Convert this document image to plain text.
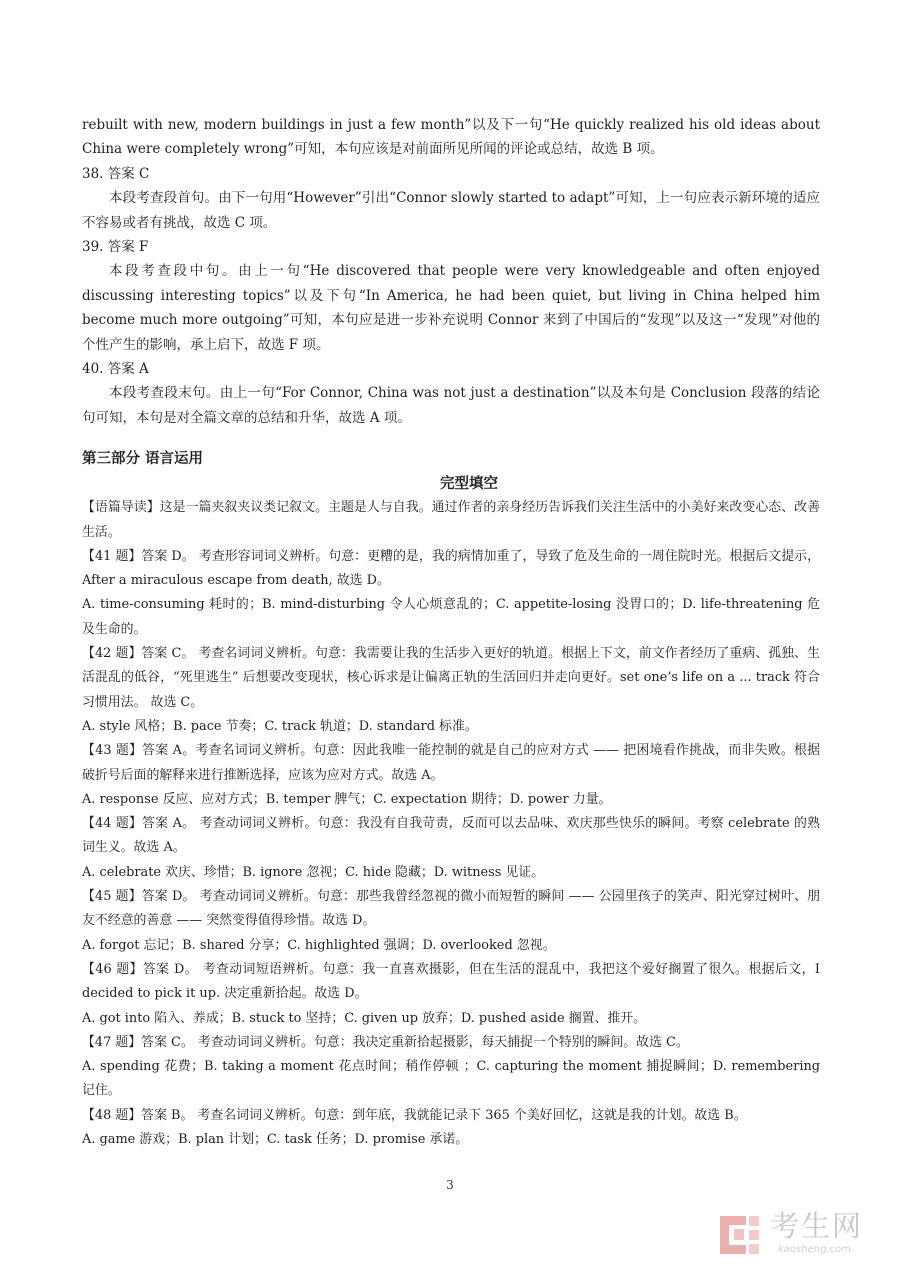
rebuilt with new, modern buildings in just a few month”以及下一句“He quickly realized his old ideas about China were completely wrong”可知，本句应该是对前面所见所闻的评论或总结，故选 B 项。

38. 答案 C

本段考查段首句。由下一句用“However”引出“Connor slowly started to adapt”可知，上一句应表示新环境的适应不容易或者有挑战，故选 C 项。

39. 答案 F

本段考查段中句。由上一句“He discovered that people were very knowledgeable and often enjoyed discussing interesting topics”以及下句“In America, he had been quiet, but living in China helped him become much more outgoing”可知，本句应是进一步补充说明 Connor 来到了中国后的“发现”以及这一“发现”对他的个性产生的影响，承上启下，故选 F 项。

40. 答案 A

本段考查段末句。由上一句“For Connor, China was not just a destination”以及本句是 Conclusion 段落的结论句可知，本句是对全篇文章的总结和升华，故选 A 项。

第三部分 语言运用

完型填空

【语篇导读】这是一篇夹叙夹议类记叙文。主题是人与自我。通过作者的亲身经历告诉我们关注生活中的小美好来改变心态、改善生活。

【41 题】答案 D。 考查形容词词义辨析。句意：更糟的是，我的病情加重了，导致了危及生命的一周住院时光。根据后文提示，After a miraculous escape from death, 故选 D。

A. time-consuming 耗时的；B. mind-disturbing 令人心烦意乱的；C. appetite-losing 没胃口的；D. life-threatening 危及生命的。

【42 题】答案 C。 考查名词词义辨析。句意：我需要让我的生活步入更好的轨道。根据上下文，前文作者经历了重病、孤独、生活混乱的低谷，“死里逃生” 后想要改变现状，核心诉求是让偏离正轨的生活回归并走向更好。set one’s life on a ... track 符合习惯用法。 故选 C。

A. style 风格；B. pace 节奏；C. track 轨道；D. standard 标准。

【43 题】答案 A。考查名词词义辨析。句意：因此我唯一能控制的就是自己的应对方式 —— 把困境看作挑战，而非失败。根据破折号后面的解释来进行推断选择，应该为应对方式。故选 A。

A. response 反应、应对方式；B. temper 脾气；C. expectation 期待；D. power 力量。

【44 题】答案 A。 考查动词词义辨析。句意：我没有自我苛责，反而可以去品味、欢庆那些快乐的瞬间。考察 celebrate 的熟词生义。故选 A。

A. celebrate 欢庆、珍惜；B. ignore 忽视；C. hide 隐藏；D. witness 见证。

【45 题】答案 D。 考查动词词义辨析。句意：那些我曾经忽视的微小而短暂的瞬间 —— 公园里孩子的笑声、阳光穿过树叶、朋友不经意的善意 —— 突然变得值得珍惜。故选 D。

A. forgot 忘记；B. shared 分享；C. highlighted 强调；D. overlooked 忽视。

【46 题】答案 D。 考查动词短语辨析。句意：我一直喜欢摄影，但在生活的混乱中，我把这个爱好搁置了很久。根据后文，I decided to pick it up. 决定重新拾起。故选 D。

A. got into 陷入、养成；B. stuck to 坚持；C. given up 放弃；D. pushed aside 搁置、推开。

【47 题】答案 C。 考查动词词义辨析。句意：我决定重新拾起摄影，每天捕捉一个特别的瞬间。故选 C。

A. spending 花费；B. taking a moment 花点时间；稍作停顿 ；C. capturing the moment 捕捉瞬间；D. remembering 记住。

【48 题】答案 B。 考查名词词义辨析。句意：到年底，我就能记录下 365 个美好回忆，这就是我的计划。故选 B。

A. game 游戏；B. plan 计划；C. task 任务；D. promise 承诺。

3
考生网
kaosheng.com
